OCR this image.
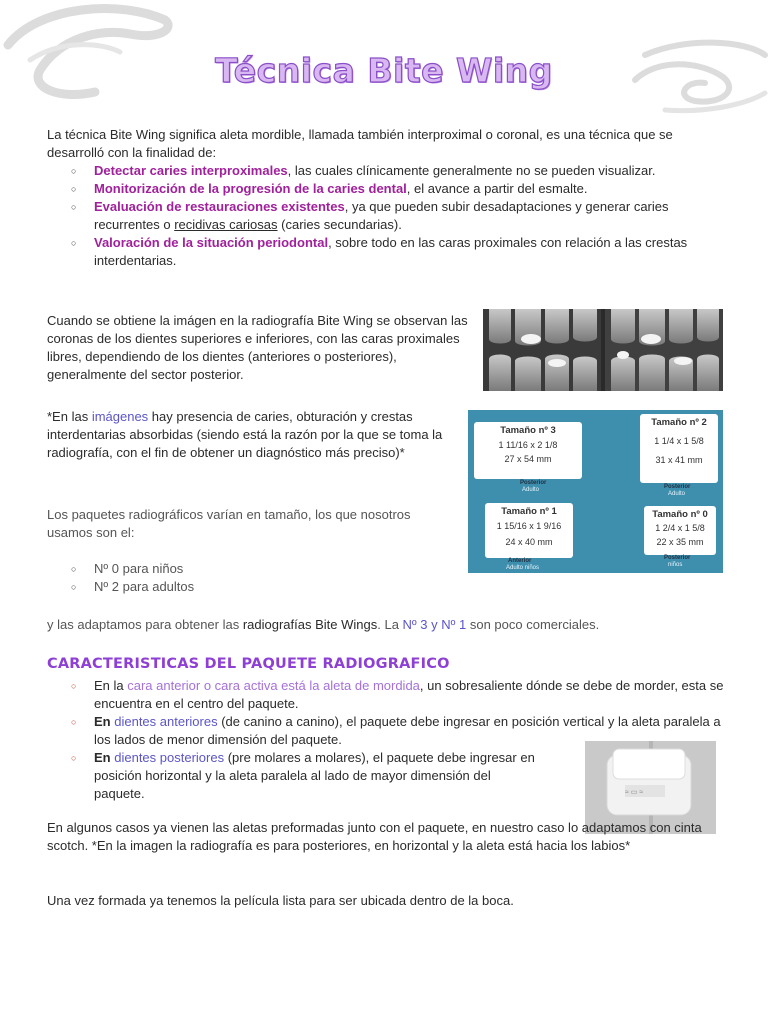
Técnica Bite Wing

La técnica Bite Wing significa aleta mordible, llamada también interproximal o coronal, es una técnica que se desarrolló con la finalidad de:

○ Detectar caries interproximales, las cuales clínicamente generalmente no se pueden visualizar.
○ Monitorización de la progresión de la caries dental, el avance a partir del esmalte.
○ Evaluación de restauraciones existentes, ya que pueden subir desadaptaciones y generar caries recurrentes o recidivas cariosas (caries secundarias).
○ Valoración de la situación periodontal, sobre todo en las caras proximales con relación a las crestas interdentarias.

Cuando se obtiene la imágen en la radiografía Bite Wing se observan las coronas de los dientes superiores e inferiores, con las caras proximales libres, dependiendo de los dientes (anteriores o posteriores), generalmente del sector posterior.

*En las imágenes hay presencia de caries, obturación y crestas interdentarias absorbidas (siendo está la razón por la que se toma la radiografía, con el fin de obtener un diagnóstico más preciso)*

Tamaño nº 3
1 11/16 x 2 1/8
27 x 54 mm
Posterior
Adulto
Tamaño nº 2
1 1/4 x 1 5/8
31 x 41 mm
Posterior
Adulto
Tamaño nº 1
1 15/16 x 1 9/16
24 x 40 mm
Anterior
Adulto niños
Tamaño nº 0
1 2/4 x 1 5/8
22 x 35 mm
Posterior
niños

Los paquetes radiográficos varían en tamaño, los que nosotros usamos son el:

○ Nº 0 para niños
○ Nº 2 para adultos

y las adaptamos para obtener las radiografías Bite Wings. La Nº 3 y Nº 1 son poco comerciales.

CARACTERISTICAS DEL PAQUETE RADIOGRAFICO
○ En la cara anterior o cara activa está la aleta de mordida, un sobresaliente dónde se debe de morder, esta se encuentra en el centro del paquete.
○ En dientes anteriores (de canino a canino), el paquete debe ingresar en posición vertical y la aleta paralela a los lados de menor dimensión del paquete.
○ En dientes posteriores (pre molares a molares), el paquete debe ingresar en posición horizontal y la aleta paralela al lado de mayor dimensión del paquete.	≈ ▭ ≈

En algunos casos ya vienen las aletas preformadas junto con el paquete, en nuestro caso lo adaptamos con cinta scotch. *En la imagen la radiografía es para posteriores, en horizontal y la aleta está hacia los labios*

Una vez formada ya tenemos la película lista para ser ubicada dentro de la boca.
